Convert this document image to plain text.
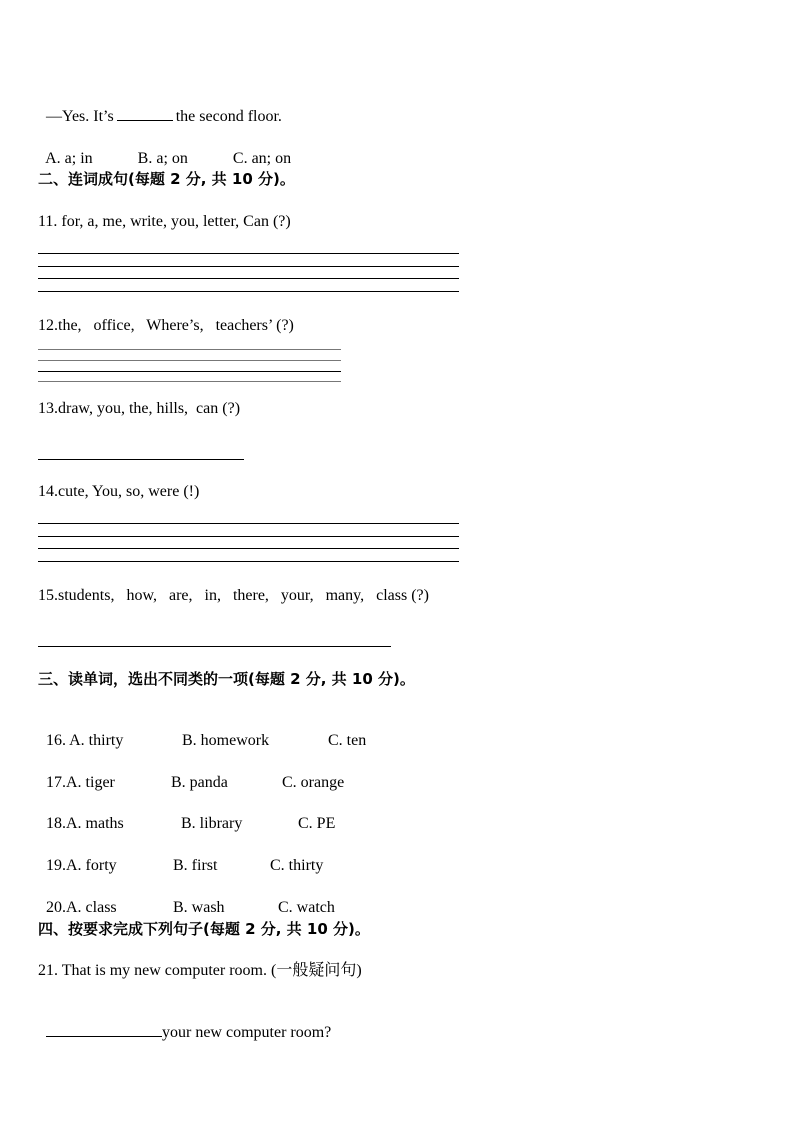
—Yes. It’s	the second floor.

A. a; in	B. a; on	C. an; on

二、连词成句(每题 2 分, 共 10 分)。
11. for, a, me, write, you, letter, Can (?)
12.the,   office,   Where’s,   teachers’ (?)
13.draw, you, the, hills,  can (?)
14.cute, You, so, were (!)
15.students,   how,   are,   in,   there,   your,   many,   class (?)
三、读单词，选出不同类的一项(每题 2 分, 共 10 分)。

16. A. thirty	B. homework	C. ten

17.A. tiger	B. panda	C. orange

18.A. maths	B. library	C. PE

19.A. forty	B. first	C. thirty

20.A. class	B. wash	C. watch

四、按要求完成下列句子(每题 2 分, 共 10 分)。
21. That is my new computer room. (一般疑问句)

your new computer room?
